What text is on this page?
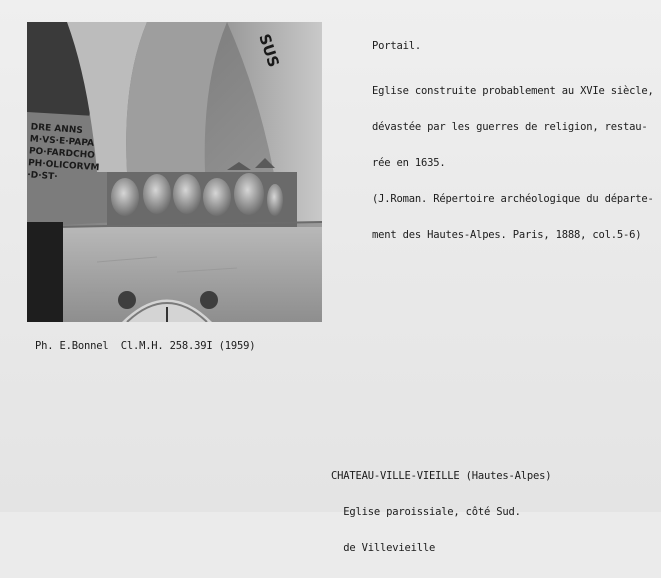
DRE ANNS
M·VS·E·PAPA
PO·FARDCHO
PH·OLICORVM
·D·ST·
SUS	Portail.

Eglise construite probablement au XVIe siècle,

dévastée par les guerres de religion, restau-

rée en 1635.

(J.Roman. Répertoire archéologique du départe-

ment des Hautes-Alpes. Paris, 1888, col.5-6)

Ph. E.Bonnel  Cl.M.H. 258.39I (1959)

CHATEAU-VILLE-VIEILLE (Hautes-Alpes)

Eglise paroissiale, côté Sud.

de Villevieille
